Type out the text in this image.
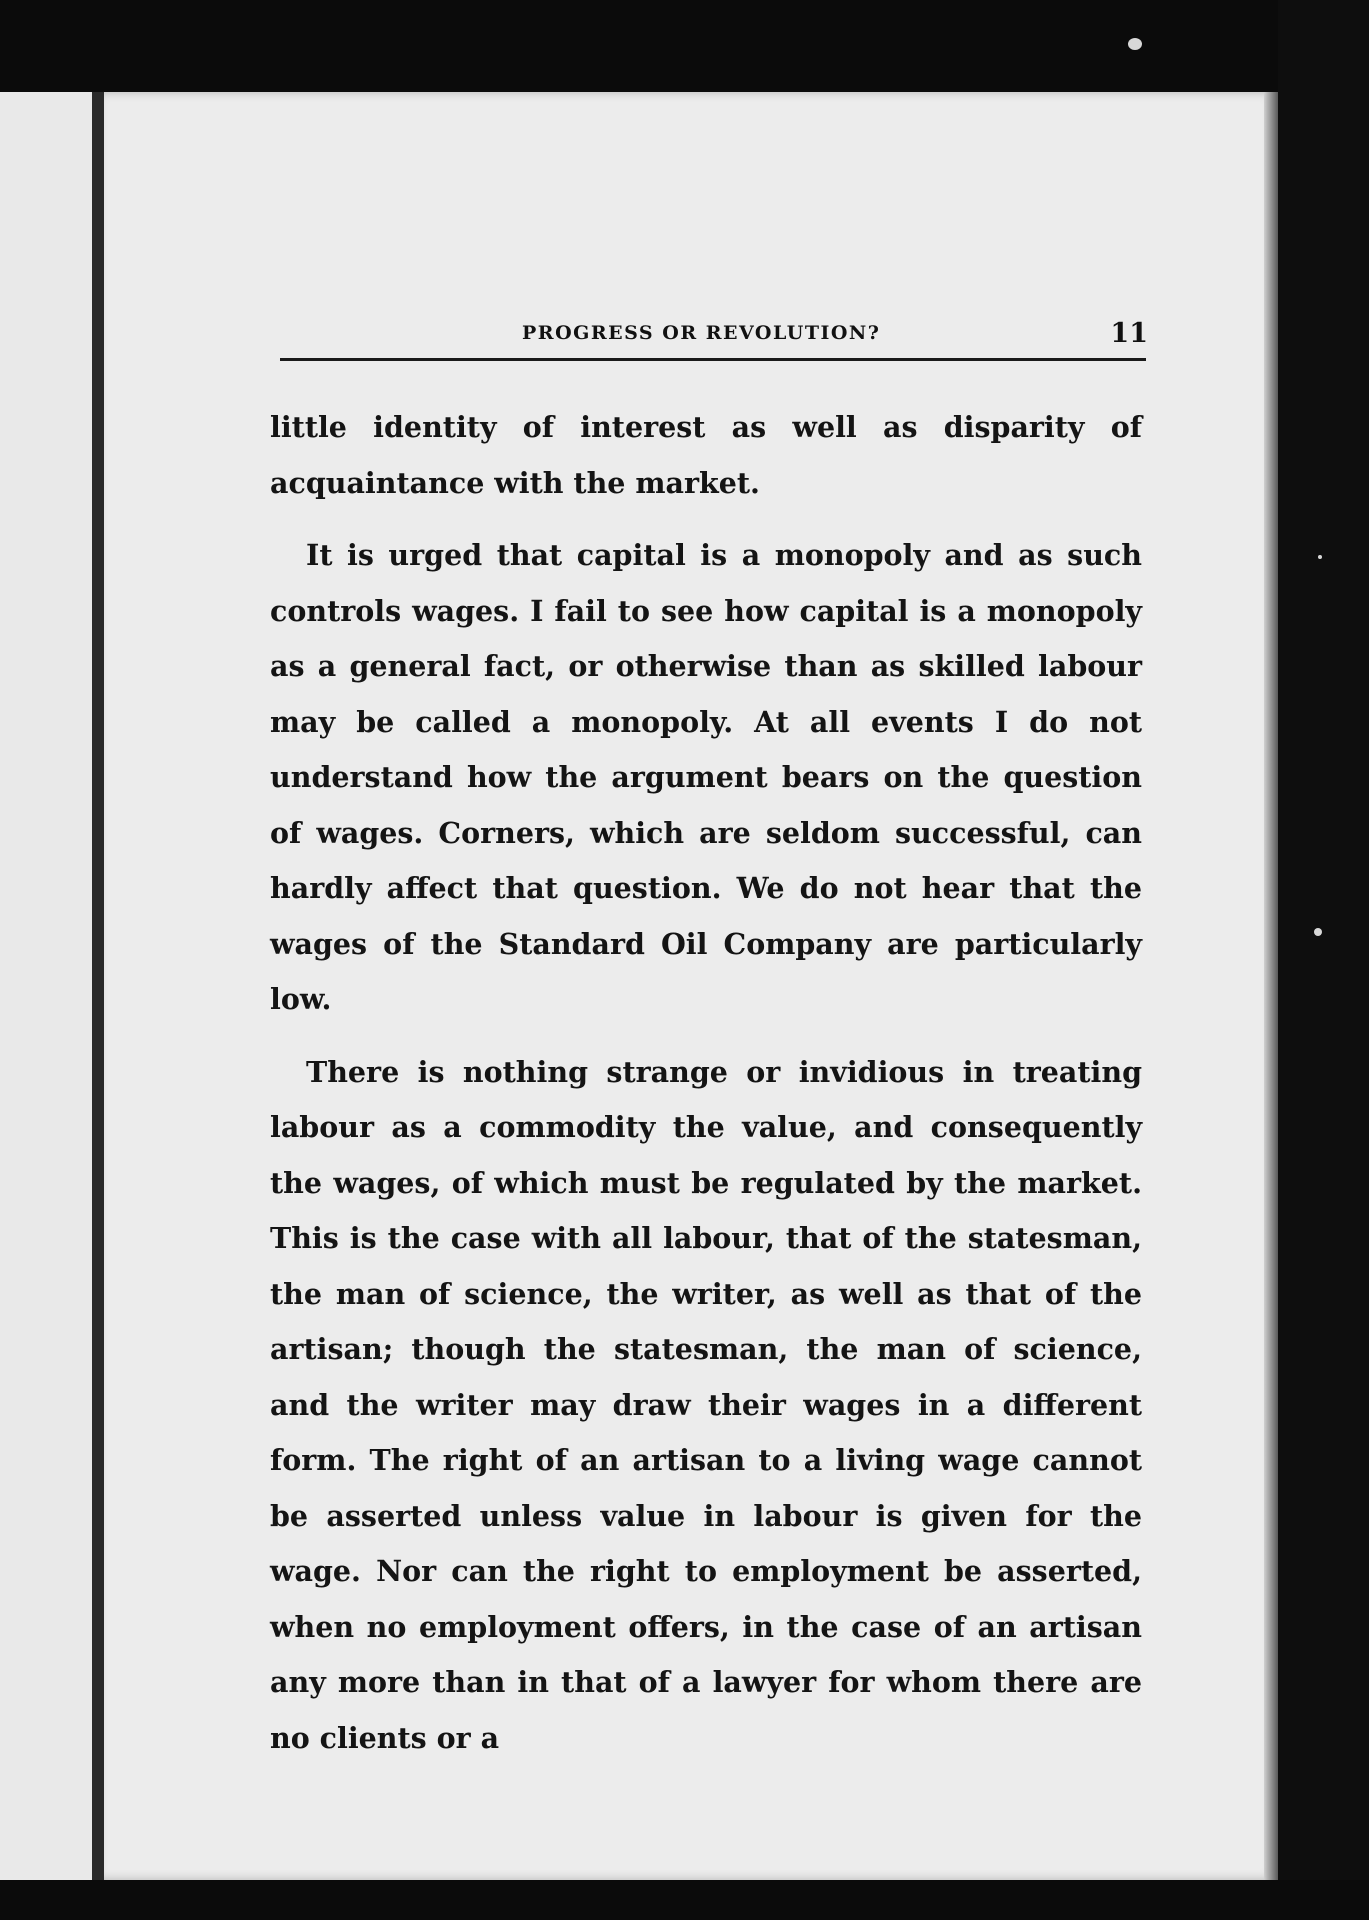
PROGRESS OR REVOLUTION?	11

little identity of interest as well as disparity of acquaintance with the market.

It is urged that capital is a monopoly and as such controls wages. I fail to see how capital is a monopoly as a general fact, or otherwise than as skilled labour may be called a monopoly. At all events I do not understand how the argument bears on the question of wages. Corners, which are seldom successful, can hardly affect that question. We do not hear that the wages of the Standard Oil Company are particularly low.

There is nothing strange or invidious in treating labour as a commodity the value, and consequently the wages, of which must be regulated by the market. This is the case with all labour, that of the statesman, the man of science, the writer, as well as that of the artisan; though the statesman, the man of science, and the writer may draw their wages in a different form. The right of an artisan to a living wage cannot be asserted unless value in labour is given for the wage. Nor can the right to employment be asserted, when no employment offers, in the case of an artisan any more than in that of a lawyer for whom there are no clients or a
